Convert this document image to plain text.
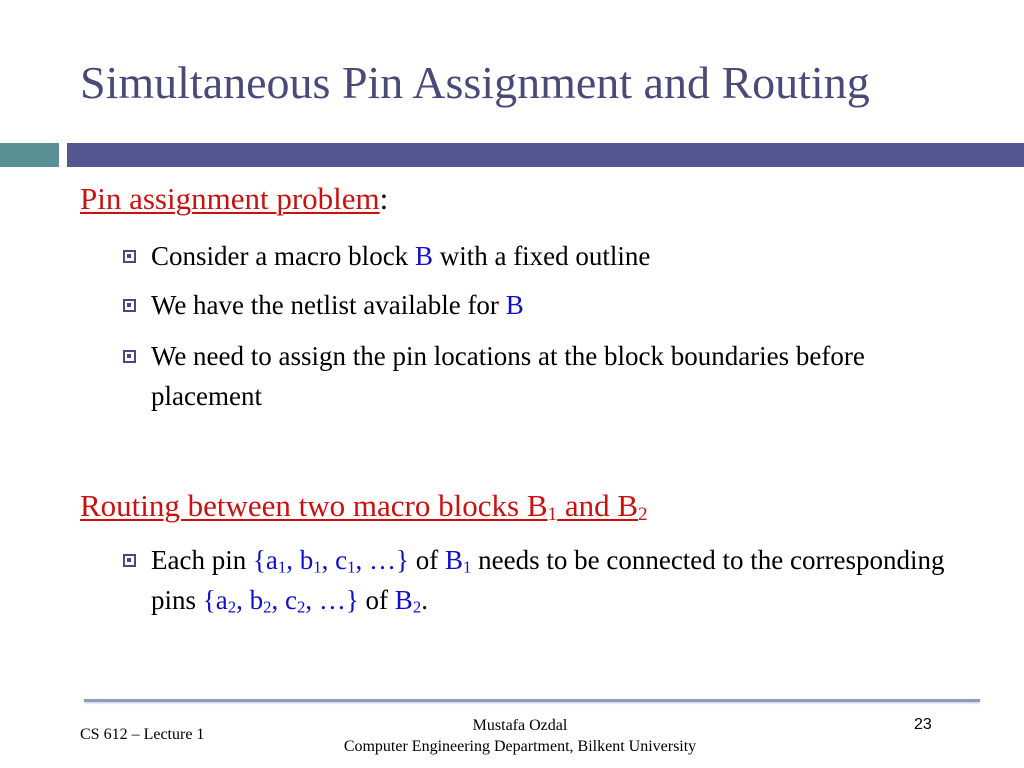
Simultaneous Pin Assignment and Routing
Pin assignment problem:
Consider a macro block B with a fixed outline
We have the netlist available for B
We need to assign the pin locations at the block boundaries before placement
Routing between two macro blocks $B_1$ and $B_2$
Each pin {$a_1$, $b_1$, $c_1$, …} of $B_1$ needs to be connected to the corresponding pins {$a_2$, $b_2$, $c_2$, …} of $B_2$.
CS 612 – Lecture 1
Mustafa Ozdal
Computer Engineering Department, Bilkent University
23
